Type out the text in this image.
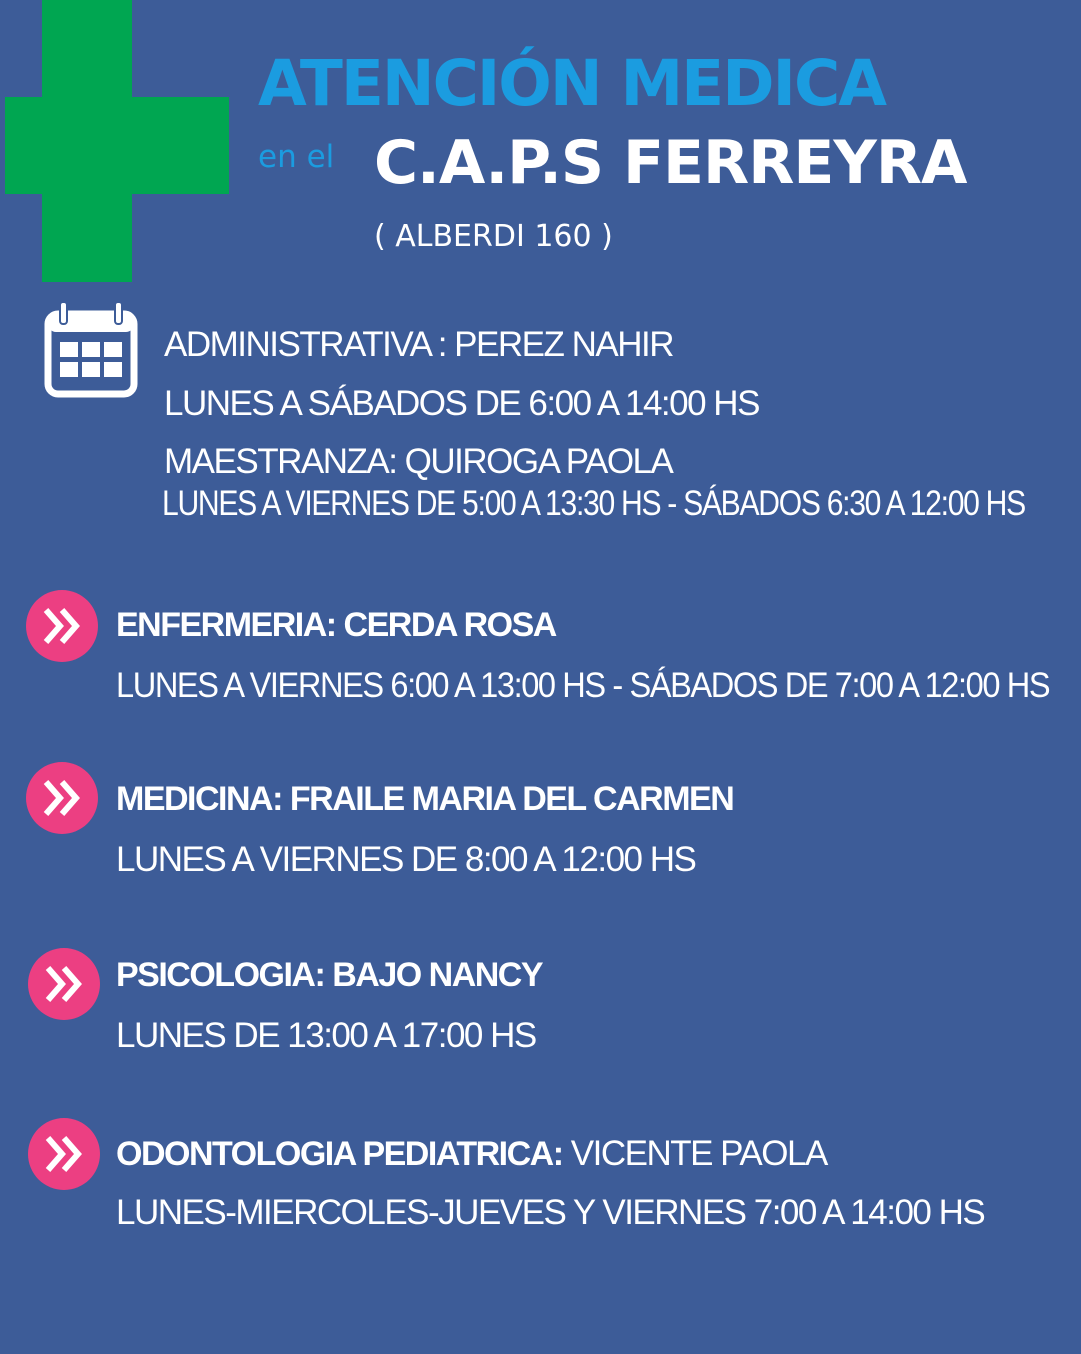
ATENCIÓN MEDICA
en el C.A.P.S FERREYRA
( ALBERDI 160 )
ADMINISTRATIVA : PEREZ NAHIR
LUNES A SÁBADOS DE 6:00 A 14:00 HS
MAESTRANZA: QUIROGA PAOLA
LUNES A VIERNES DE 5:00 A 13:30 HS - SÁBADOS 6:30 A 12:00 HS
ENFERMERIA: CERDA ROSA
LUNES A VIERNES 6:00 A 13:00 HS - SÁBADOS DE 7:00 A 12:00 HS
MEDICINA: FRAILE MARIA DEL CARMEN
LUNES A VIERNES DE 8:00 A 12:00 HS
PSICOLOGIA: BAJO NANCY
LUNES DE 13:00 A 17:00 HS
ODONTOLOGIA PEDIATRICA: VICENTE PAOLA
LUNES-MIERCOLES-JUEVES Y VIERNES 7:00 A 14:00 HS
